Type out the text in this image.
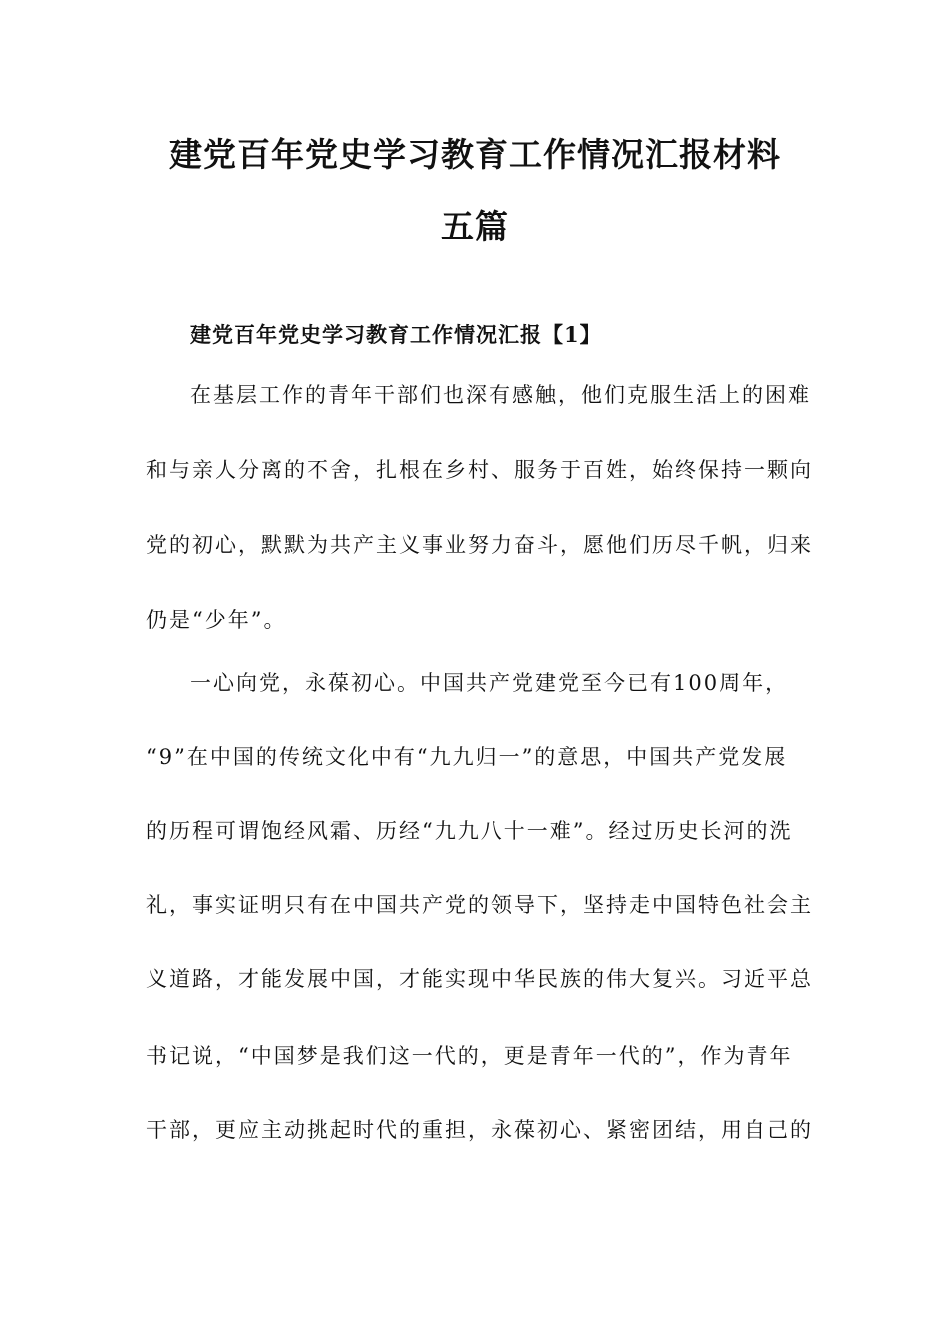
建党百年党史学习教育工作情况汇报材料
五篇
建党百年党史学习教育工作情况汇报【1】

在基层工作的青年干部们也深有感触，他们克服生活上的困难

和与亲人分离的不舍，扎根在乡村、服务于百姓，始终保持一颗向

党的初心，默默为共产主义事业努力奋斗，愿他们历尽千帆，归来

仍是“少年”。

一心向党，永葆初心。中国共产党建党至今已有100周年，

“9”在中国的传统文化中有“九九归一”的意思，中国共产党发展

的历程可谓饱经风霜、历经“九九八十一难”。经过历史长河的洗

礼，事实证明只有在中国共产党的领导下，坚持走中国特色社会主

义道路，才能发展中国，才能实现中华民族的伟大复兴。习近平总

书记说，“中国梦是我们这一代的，更是青年一代的”，作为青年

干部，更应主动挑起时代的重担，永葆初心、紧密团结，用自己的
